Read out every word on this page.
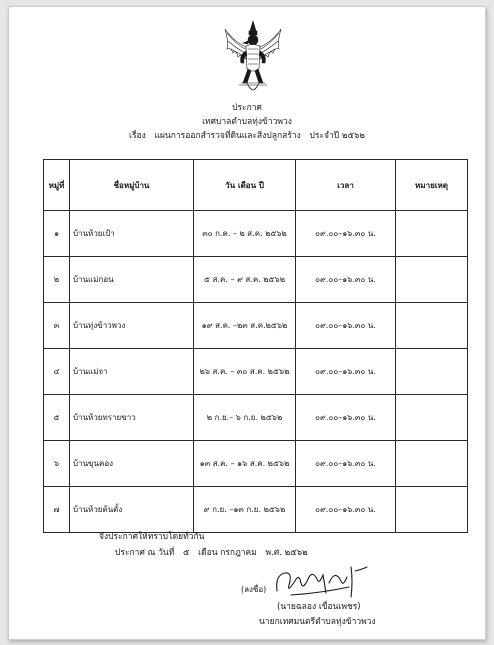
ประกาศ
เทศบาลตำบลทุ่งข้าวพวง
เรื่อง แผนการออกสำรวจที่ดินและสิ่งปลูกสร้าง ประจำปี ๒๕๖๒
หมู่ที่	ชื่อหมู่บ้าน	วัน เดือน ปี	เวลา	หมายเหตุ
๑	บ้านห้วยเป้า	๓๐ ก.ค. – ๒ ส.ค. ๒๕๖๒	๐๙.๐๐–๑๖.๓๐ น.	
๒	บ้านแม่กอน	๕ ส.ค. – ๙ ส.ค. ๒๕๖๒	๐๙.๐๐–๑๖.๓๐ น.	
๓	บ้านทุ่งข้าวพวง	๑๙ ส.ค. –๒๓ ส.ค.๒๕๖๒	๐๙.๐๐–๑๖.๓๐ น.	
๔	บ้านแม่จา	๒๖ ส.ค. – ๓๐ ส.ค. ๒๕๖๒	๐๙.๐๐–๑๖.๓๐ น.	
๕	บ้านห้วยทรายขาว	๒ ก.ย.– ๖ ก.ย. ๒๕๖๒	๐๙.๐๐–๑๖.๓๐ น.	
๖	บ้านขุนคอง	๑๓ ส.ค. – ๑๖ ส.ค. ๒๕๖๒	๐๙.๐๐–๑๖.๓๐ น.	
๗	บ้านห้วยต้นตั้ง	๙ ก.ย. –๑๓ ก.ย. ๒๕๖๒	๐๙.๐๐–๑๖.๓๐ น.	
จึงประกาศให้ทราบโดยทั่วกัน
ประกาศ ณ วันที่ ๕ เดือน กรกฎาคม พ.ศ. ๒๕๖๒
(ลงชื่อ)
(นายฉลอง เขื่อนเพชร)
นายกเทศมนตรีตำบลทุ่งข้าวพวง
